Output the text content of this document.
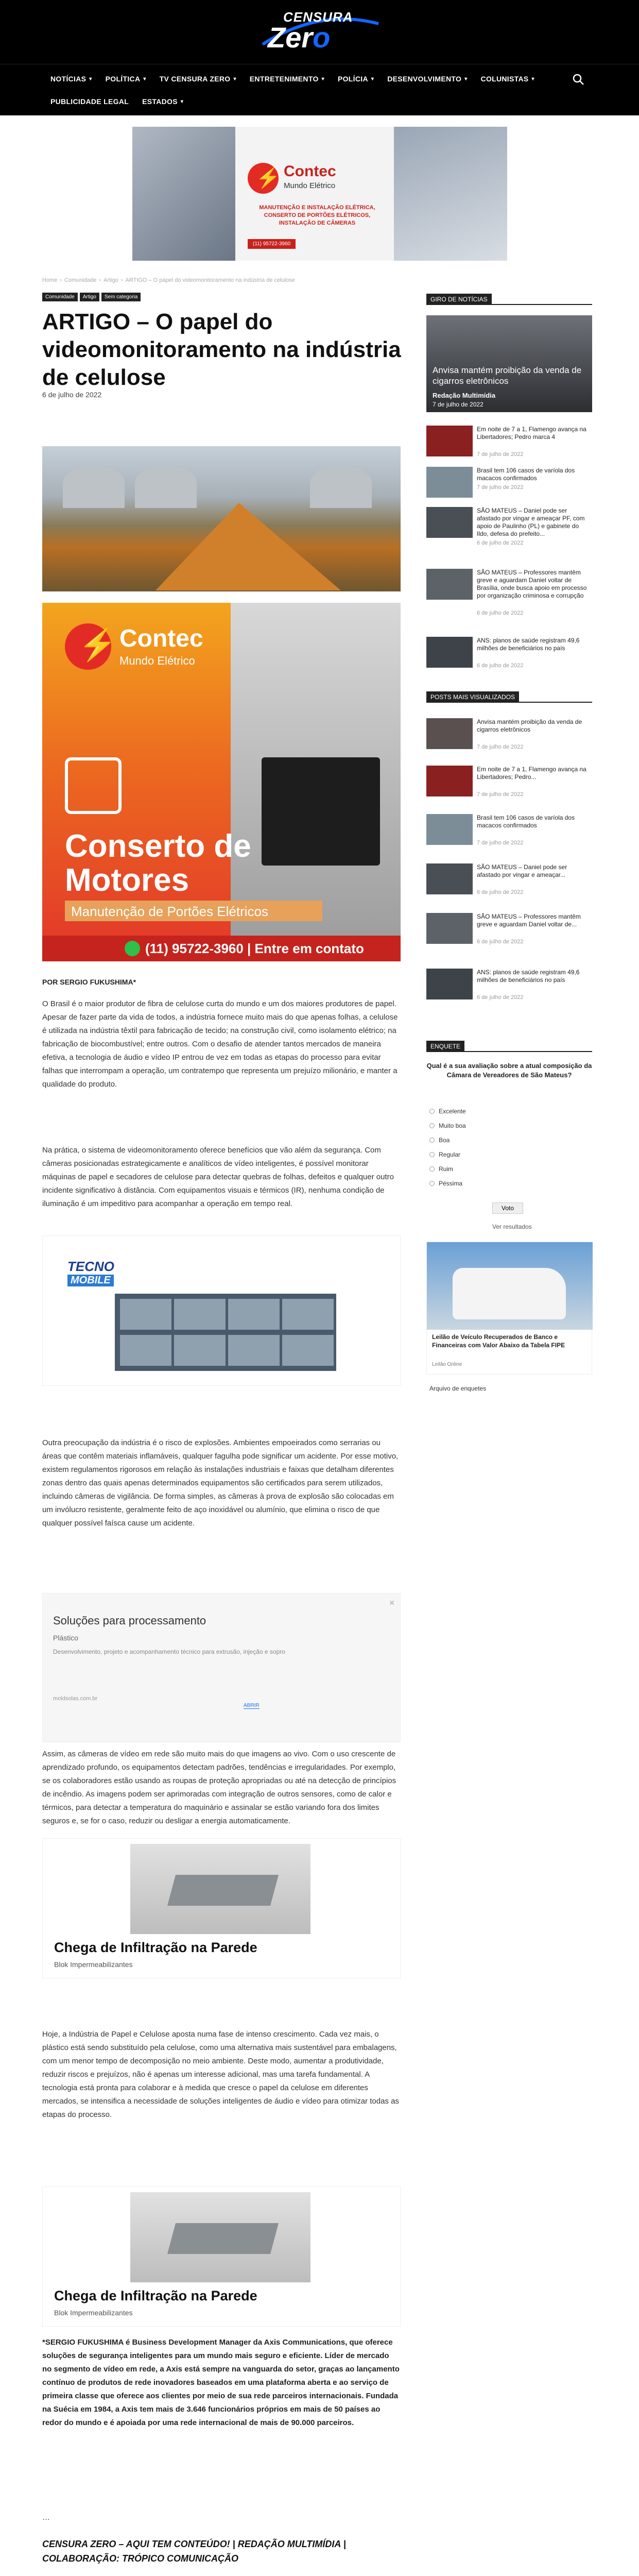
CENSURA
Zero
NOTÍCIAS ▾ POLÍTICA ▾ TV CENSURA ZERO ▾ ENTRETENIMENTO ▾ POLÍCIA ▾ DESENVOLVIMENTO ▾ COLUNISTAS ▾
PUBLICIDADE LEGAL ESTADOS ▾
⚡ Contec
Mundo Elétrico
MANUTENÇÃO E INSTALAÇÃO ELÉTRICA,
CONSERTO DE PORTÕES ELÉTRICOS,
INSTALAÇÃO DE CÂMERAS
(11) 95722-3960
Home › Comunidade › Artigo › ARTIGO – O papel do videomonitoramento na indústria de celulose
Comunidade	Artigo	Sem categoria
ARTIGO – O papel do videomonitoramento na indústria de celulose
6 de julho de 2022
⚡ Contec
Mundo Elétrico
Conserto de Motores
Manutenção de Portões Elétricos
(11) 95722-3960 | Entre em contato
POR SERGIO FUKUSHIMA*

O Brasil é o maior produtor de fibra de celulose curta do mundo e um dos maiores produtores de papel. Apesar de fazer parte da vida de todos, a indústria fornece muito mais do que apenas folhas, a celulose é utilizada na indústria têxtil para fabricação de tecido; na construção civil, como isolamento elétrico; na fabricação de biocombustível; entre outros. Com o desafio de atender tantos mercados de maneira efetiva, a tecnologia de áudio e vídeo IP entrou de vez em todas as etapas do processo para evitar falhas que interrompam a operação, um contratempo que representa um prejuízo milionário, e manter a qualidade do produto.

Na prática, o sistema de videomonitoramento oferece benefícios que vão além da segurança. Com câmeras posicionadas estrategicamente e analíticos de vídeo inteligentes, é possível monitorar máquinas de papel e secadores de celulose para detectar quebras de folhas, defeitos e qualquer outro incidente significativo à distância. Com equipamentos visuais e térmicos (IR), nenhuma condição de iluminação é um impeditivo para acompanhar a operação em tempo real.

TECNO
MOBILE

Outra preocupação da indústria é o risco de explosões. Ambientes empoeirados como serrarias ou áreas que contêm materiais inflamáveis, qualquer fagulha pode significar um acidente. Por esse motivo, existem regulamentos rigorosos em relação às instalações industriais e faixas que detalham diferentes zonas dentro das quais apenas determinados equipamentos são certificados para serem utilizados, incluindo câmeras de vigilância. De forma simples, as câmeras à prova de explosão são colocadas em um invólucro resistente, geralmente feito de aço inoxidável ou alumínio, que elimina o risco de que qualquer possível faísca cause um acidente.

✕
Soluções para processamento
Plástico
Desenvolvimento, projeto e acompanhamento técnico para extrusão, injeção e sopro
moldsolas.com.br
ABRIR

Assim, as câmeras de vídeo em rede são muito mais do que imagens ao vivo. Com o uso crescente de aprendizado profundo, os equipamentos detectam padrões, tendências e irregularidades. Por exemplo, se os colaboradores estão usando as roupas de proteção apropriadas ou até na detecção de princípios de incêndio. As imagens podem ser aprimoradas com integração de outros sensores, como de calor e térmicos, para detectar a temperatura do maquinário e assinalar se estão variando fora dos limites seguros e, se for o caso, reduzir ou desligar a energia automaticamente.

Chega de Infiltração na Parede
Blok Impermeabilizantes

Hoje, a Indústria de Papel e Celulose aposta numa fase de intenso crescimento. Cada vez mais, o plástico está sendo substituído pela celulose, como uma alternativa mais sustentável para embalagens, com um menor tempo de decomposição no meio ambiente. Deste modo, aumentar a produtividade, reduzir riscos e prejuízos, não é apenas um interesse adicional, mas uma tarefa fundamental. A tecnologia está pronta para colaborar e à medida que cresce o papel da celulose em diferentes mercados, se intensifica a necessidade de soluções inteligentes de áudio e vídeo para otimizar todas as etapas do processo.

Chega de Infiltração na Parede
Blok Impermeabilizantes

*SERGIO FUKUSHIMA é Business Development Manager da Axis Communications, que oferece soluções de segurança inteligentes para um mundo mais seguro e eficiente. Líder de mercado no segmento de vídeo em rede, a Axis está sempre na vanguarda do setor, graças ao lançamento contínuo de produtos de rede inovadores baseados em uma plataforma aberta e ao serviço de primeira classe que oferece aos clientes por meio de sua rede parceiros internacionais. Fundada na Suécia em 1984, a Axis tem mais de 3.646 funcionários próprios em mais de 50 países ao redor do mundo e é apoiada por uma rede internacional de mais de 90.000 parceiros.

…
CENSURA ZERO – AQUI TEM CONTEÚDO! | REDAÇÃO MULTIMÍDIA | COLABORAÇÃO: TRÓPICO COMUNICAÇÃO
GIRO DE NOTÍCIAS
Anvisa mantém proibição da venda de cigarros eletrônicos
Redação Multimídia
7 de julho de 2022
Em noite de 7 a 1, Flamengo avança na Libertadores; Pedro marca 4
7 de julho de 2022
Brasil tem 106 casos de varíola dos macacos confirmados
7 de julho de 2022
SÃO MATEUS – Daniel pode ser afastado por vingar e ameaçar PF, com apoio de Paulinho (PL) e gabinete do Ildo, defesa do prefeito...
6 de julho de 2022
SÃO MATEUS – Professores mantêm greve e aguardam Daniel voltar de Brasília, onde busca apoio em processo por organização criminosa e corrupção
6 de julho de 2022
ANS: planos de saúde registram 49,6 milhões de beneficiários no país
6 de julho de 2022
POSTS MAIS VISUALIZADOS
Anvisa mantém proibição da venda de cigarros eletrônicos
7 de julho de 2022
Em noite de 7 a 1, Flamengo avança na Libertadores; Pedro...
7 de julho de 2022
Brasil tem 106 casos de varíola dos macacos confirmados
7 de julho de 2022
SÃO MATEUS – Daniel pode ser afastado por vingar e ameaçar...
6 de julho de 2022
SÃO MATEUS – Professores mantêm greve e aguardam Daniel voltar de...
6 de julho de 2022
ANS: planos de saúde registram 49,6 milhões de beneficiários no país
6 de julho de 2022
ENQUETE
Qual é a sua avaliação sobre a atual composição da Câmara de Vereadores de São Mateus?
Excelente
Muito boa
Boa
Regular
Ruim
Péssima
Voto
Ver resultados
Leilão de Veículo Recuperados de Banco e Financeiras com Valor Abaixo da Tabela FIPE
Leilão Online
Arquivo de enquetes
